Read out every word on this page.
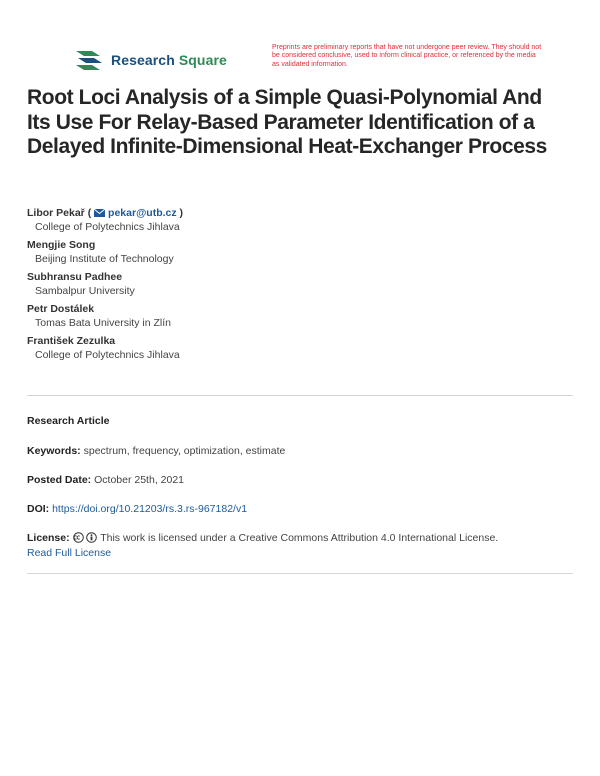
Research Square
Preprints are preliminary reports that have not undergone peer review. They should not be considered conclusive, used to inform clinical practice, or referenced by the media as validated information.
Root Loci Analysis of a Simple Quasi-Polynomial And Its Use For Relay-Based Parameter Identification of a Delayed Infinite-Dimensional Heat-Exchanger Process
Libor Pekař (  pekar@utb.cz )
College of Polytechnics Jihlava
Mengjie Song
Beijing Institute of Technology
Subhransu Padhee
Sambalpur University
Petr Dostálek
Tomas Bata University in Zlín
František Zezulka
College of Polytechnics Jihlava
Research Article
Keywords: spectrum, frequency, optimization, estimate
Posted Date: October 25th, 2021
DOI: https://doi.org/10.21203/rs.3.rs-967182/v1
License:	This work is licensed under a Creative Commons Attribution 4.0 International License.
Read Full License
